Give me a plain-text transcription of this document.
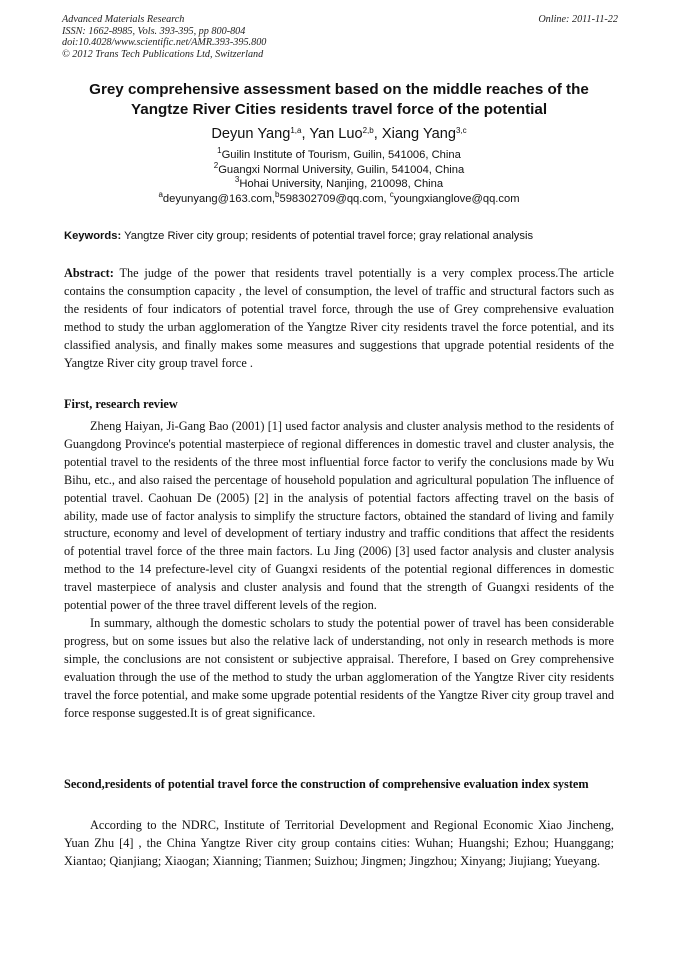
Advanced Materials Research
ISSN: 1662-8985, Vols. 393-395, pp 800-804
doi:10.4028/www.scientific.net/AMR.393-395.800
© 2012 Trans Tech Publications Ltd, Switzerland
Online: 2011-11-22
Grey comprehensive assessment based on the middle reaches of the
Yangtze River Cities residents travel force of the potential
Deyun Yang$^{1,a}$, Yan Luo$^{2,b}$, Xiang Yang$^{3,c}$
$^1$Guilin Institute of Tourism, Guilin, 541006, China
$^2$Guangxi Normal University, Guilin, 541004, China
$^3$Hohai University, Nanjing, 210098, China
$^a$deyunyang@163.com,$^b$598302709@qq.com, $^c$youngxianglove@qq.com
Keywords: Yangtze River city group; residents of potential travel force; gray relational analysis

Abstract: The judge of the power that residents travel potentially is a very complex process.The article contains the consumption capacity , the level of consumption, the level of traffic and structural factors such as the residents of four indicators of potential travel force, through the use of Grey comprehensive evaluation method to study the urban agglomeration of the Yangtze River city residents travel the force potential, and its classified analysis, and finally makes some measures and suggestions that upgrade potential residents of the Yangtze River city group travel force .

First, research review

Zheng Haiyan, Ji-Gang Bao (2001) [1] used factor analysis and cluster analysis method to the residents of Guangdong Province's potential masterpiece of regional differences in domestic travel and cluster analysis, the potential travel to the residents of the three most influential force factor to verify the conclusions made by Wu Bihu, etc., and also raised the percentage of household population and agricultural population The influence of potential travel. Caohuan De (2005) [2] in the analysis of potential factors affecting travel on the basis of ability, made use of factor analysis to simplify the structure factors, obtained the standard of living and family structure, economy and level of development of tertiary industry and traffic conditions that affect the residents of potential travel force of the three main factors. Lu Jing (2006) [3] used factor analysis and cluster analysis method to the 14 prefecture-level city of Guangxi residents of the potential regional differences in domestic travel masterpiece of analysis and cluster analysis and found that the strength of Guangxi residents of the potential power of the three travel different levels of the region.

In summary, although the domestic scholars to study the potential power of travel has been considerable progress, but on some issues but also the relative lack of understanding, not only in research methods is more simple, the conclusions are not consistent or subjective appraisal. Therefore, I based on Grey comprehensive evaluation through the use of the method to study the urban agglomeration of the Yangtze River city residents travel the force potential, and make some upgrade potential residents of the Yangtze River city group travel and force response suggested.It is of great significance.

Second,residents of potential travel force the construction of comprehensive evaluation index system

According to the NDRC, Institute of Territorial Development and Regional Economic Xiao Jincheng, Yuan Zhu [4] , the China Yangtze River city group contains cities: Wuhan; Huangshi; Ezhou; Huanggang; Xiantao; Qianjiang; Xiaogan; Xianning; Tianmen; Suizhou; Jingmen; Jingzhou; Xinyang; Jiujiang; Yueyang.
